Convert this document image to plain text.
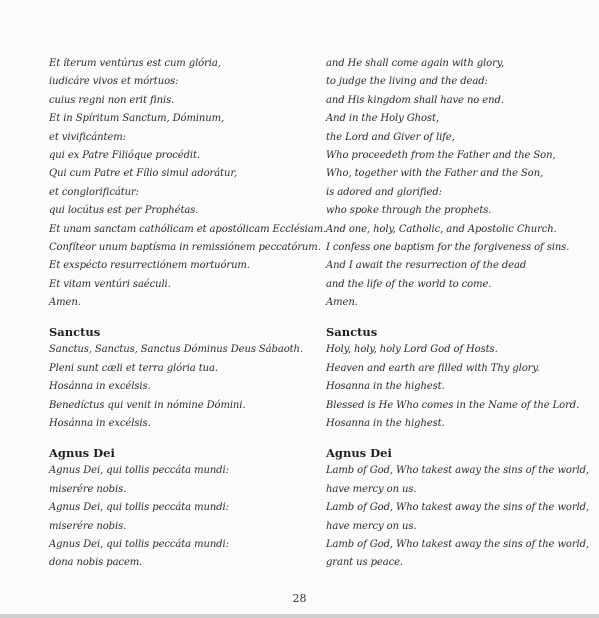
Et íterum ventúrus est cum glória,
iudicáre vivos et mórtuos:
cuius regni non erit finis.
Et in Spíritum Sanctum, Dóminum,
et vivificántem:
qui ex Patre Filióque procédit.
Qui cum Patre et Fílio simul adorátur,
et conglorificátur:
qui locútus est per Prophétas.
Et unam sanctam cathólicam et apostólicam Ecclésiam.
Confíteor unum baptísma in remissiónem peccatórum.
Et exspécto resurrectiónem mortuórum.
Et vitam ventúri saéculi.
Amen.
Sanctus
Sanctus, Sanctus, Sanctus Dóminus Deus Sábaoth.
Pleni sunt cæli et terra glória tua.
Hosánna in excélsis.
Benedíctus qui venit in nómine Dómini.
Hosánna in excélsis.
Agnus Dei
Agnus Dei, qui tollis peccáta mundi:
miserére nobis.
Agnus Dei, qui tollis peccáta mundi:
miserére nobis.
Agnus Dei, qui tollis peccáta mundi:
dona nobis pacem.
and He shall come again with glory,
to judge the living and the dead:
and His kingdom shall have no end.
And in the Holy Ghost,
the Lord and Giver of life,
Who proceedeth from the Father and the Son,
Who, together with the Father and the Son,
is adored and glorified:
who spoke through the prophets.
And one, holy, Catholic, and Apostolic Church.
I confess one baptism for the forgiveness of sins.
And I await the resurrection of the dead
and the life of the world to come.
Amen.
Sanctus
Holy, holy, holy Lord God of Hosts.
Heaven and earth are filled with Thy glory.
Hosanna in the highest.
Blessed is He Who comes in the Name of the Lord.
Hosanna in the highest.
Agnus Dei
Lamb of God, Who takest away the sins of the world,
have mercy on us.
Lamb of God, Who takest away the sins of the world,
have mercy on us.
Lamb of God, Who takest away the sins of the world,
grant us peace.
28
